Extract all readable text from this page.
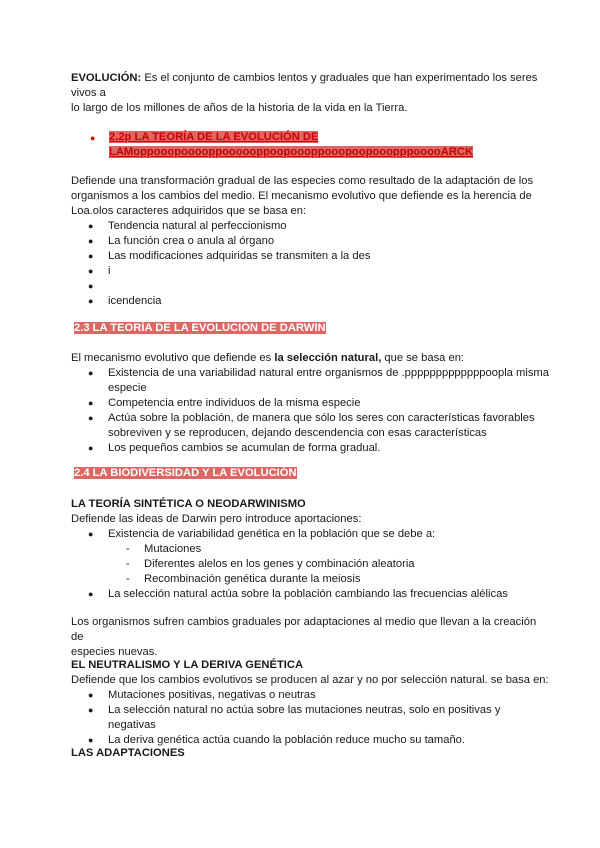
EVOLUCIÓN: Es el conjunto de cambios lentos y graduales que han experimentado los seres vivos a

lo largo de los millones de años de la historia de la vida en la Tierra.

● 2.2p LA TEORÍA DE LA EVOLUCIÓN DE

LAMoppooopooooppoooooppoopoooppooopoopooopppooooARCK

Defiende una transformación gradual de las especies como resultado de la adaptación de los

organismos a los cambios del medio. El mecanismo evolutivo que defiende es la herencia de

Loa.olos caracteres adquiridos que se basa en:

● Tendencia natural al perfeccionismo
● La función crea o anula al órgano
● Las modificaciones adquiridas se transmiten a la des
● i
●
● icendencia

2.3 LA TEORÍA DE LA EVOLUCIÓN DE DARWIN

El mecanismo evolutivo que defiende es la selección natural, que se basa en:

● Existencia de una variabilidad natural entre organismos de .pppppppppppppoopla misma
especie
● Competencia entre individuos de la misma especie
● Actúa sobre la población, de manera que sólo los seres con características favorables
sobreviven y se reproducen, dejando descendencia con esas características
● Los pequeños cambios se acumulan de forma gradual.

2.4 LA BIODIVERSIDAD Y LA EVOLUCIÓN

LA TEORÍA SINTÉTICA O NEODARWINISMO

Defiende las ideas de Darwin pero introduce aportaciones:

● Existencia de variabilidad genética en la población que se debe a:
- Mutaciones
- Diferentes alelos en los genes y combinación aleatoria
- Recombinación genética durante la meiosis
● La selección natural actúa sobre la población cambiando las frecuencias alélicas

Los organismos sufren cambios graduales por adaptaciones al medio que llevan a la creación de

especies nuevas.

EL NEUTRALISMO Y LA DERIVA GENÉTICA

Defiende que los cambios evolutivos se producen al azar y no por selección natural. se basa en:

● Mutaciones positivas, negativas o neutras
● La selección natural no actúa sobre las mutaciones neutras, solo en positivas y negativas
● La deriva genética actúa cuando la población reduce mucho su tamaño.
LAS ADAPTACIONES
